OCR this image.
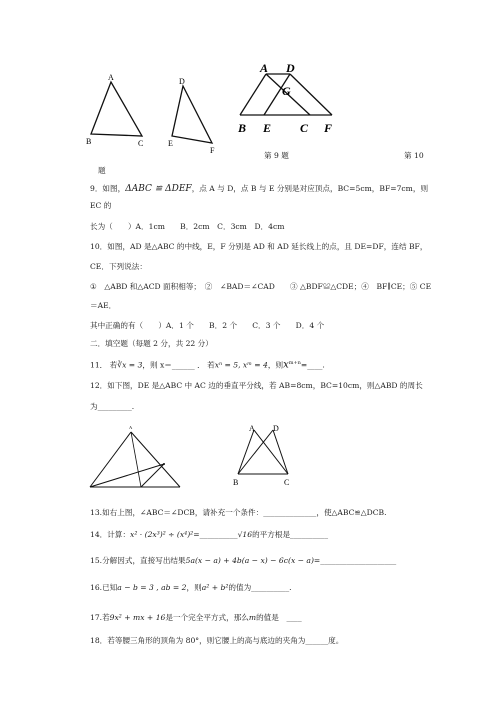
A
B	C
D
E
F
A D
G
B E C F
第 9 题	第 10
题
9．如图，ΔABC ≌ ΔDEF，点 A 与 D，点 B 与 E 分别是对应顶点，BC=5cm，BF=7cm，则
EC 的
长为（　　）A．1cm　　B．2cm　C．3cm　D．4cm
10．如图，AD 是△ABC 的中线，E，F 分别是 AD 和 AD 延长线上的点，且 DE=DF，连结 BF，
CE．下列说法：
①　△ABD 和△ACD 面积相等；　②　∠BAD＝∠CAD　　③ △BDF≌△CDE；④　BF∥CE；⑤ CE
＝AE．
其中正确的有（　　）A．1 个　　B．2 个　　C．3 个　　D．4 个
二．填空题（每题 2 分，共 22 分）
11． 若∛x = 3，则 x＝______ ． 若xⁿ = 5, xᵐ = 4，则$x^{m+n}=\_\_\_\_$.
12．如下图，DE 是△ABC 中 AC 边的垂直平分线，若 AB=8cm，BC=10cm，则△ABD 的周长
为_________.
A	A D
B	C
13.如右上图，∠ABC＝∠DCB，请补充一个条件：______________，使△ABC≌△DCB.
14．计算：x² · (2x³)² ÷ (x⁴)²=__________√16的平方根是__________
15.分解因式，直接写出结果5a(x − a) + 4b(a − x) − 6c(x − a)=____________________
16.已知a − b = 3 , ab = 2，则a² + b²的值为__________.
17.若9x² + mx + 16是一个完全平方式，那么m的值是　____
18．若等腰三角形的顶角为 80°，则它腰上的高与底边的夹角为______度。
